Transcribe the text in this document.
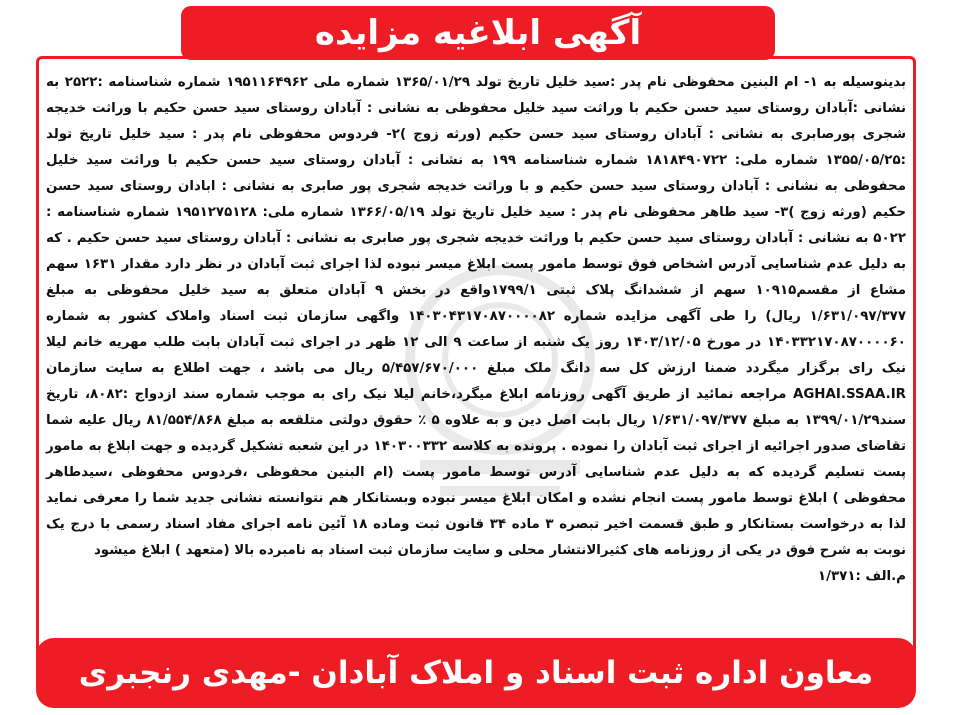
آگهی ابلاغیه مزایده

بدینوسیله به ۱- ام البنین محفوظی نام پدر :سید خلیل تاریخ تولد ۱۳۶۵/۰۱/۲۹ شماره ملی ۱۹۵۱۱۶۴۹۶۲ شماره شناسنامه :۲۵۲۲ به نشانی :آبادان روستای سید حسن حکیم با وراثت سید خلیل محفوظی به نشانی : آبادان روستای سید حسن حکیم با وراثت خدیجه شجری پورصابری به نشانی : آبادان روستای سید حسن حکیم (ورثه زوج )۲- فردوس محفوظی نام پدر : سید خلیل تاریخ تولد :۱۳۵۵/۰۵/۲۵ شماره ملی: ۱۸۱۸۴۹۰۷۲۲ شماره شناسنامه ۱۹۹ به نشانی : آبادان روستای سید حسن حکیم با وراثت سید خلیل محفوظی به نشانی : آبادان روستای سید حسن حکیم و با وراثت خدیجه شجری پور صابری به نشانی : ابادان روستای سید حسن حکیم (ورثه زوج )۳- سید طاهر محفوظی نام پدر : سید خلیل تاریخ تولد ۱۳۶۶/۰۵/۱۹ شماره ملی: ۱۹۵۱۲۷۵۱۲۸ شماره شناسنامه : ۵۰۲۲ به نشانی : آبادان روستای سید حسن حکیم با وراثت خدیجه شجری پور صابری به نشانی : آبادان روستای سید حسن حکیم . که به دلیل عدم شناسایی آدرس اشخاص فوق توسط مامور پست ابلاغ میسر نبوده لذا اجرای ثبت آبادان در نظر دارد مقدار ۱۶۳۱ سهم مشاع از مقسم۱۰۹۱۵ سهم از ششدانگ پلاک ثبتی ۱۷۹۹/۱واقع در بخش ۹ آبادان متعلق به سید خلیل محفوظی به مبلغ ۱/۶۳۱/۰۹۷/۳۷۷ ریال) را طی آگهی مزایده شماره ۱۴۰۳۰۴۳۱۷۰۸۷۰۰۰۰۸۲ واگهی سازمان ثبت اسناد واملاک کشور به شماره ۱۴۰۳۳۲۱۷۰۸۷۰۰۰۰۶۰ در مورخ ۱۴۰۳/۱۲/۰۵ روز یک شنبه از ساعت ۹ الی ۱۲ ظهر در اجرای ثبت آبادان بابت طلب مهریه خانم لیلا نیک رای برگزار میگردد ضمنا ارزش کل سه دانگ ملک مبلغ ۵/۴۵۷/۶۷۰/۰۰۰ ریال می باشد ، جهت اطلاع به سایت سازمان AGHAI.SSAA.IR مراجعه نمائید از طریق آگهی روزنامه ابلاغ میگرد،خانم لیلا نیک رای به موجب شماره سند ازدواج :۸۰۸۲، تاریخ سند۱۳۹۹/۰۱/۲۹ به مبلغ ۱/۶۳۱/۰۹۷/۳۷۷ ریال بابت اصل دین و به علاوه ۵ ٪ حقوق دولتی متلقعه به مبلغ ۸۱/۵۵۴/۸۶۸ ریال علیه شما تقاضای صدور اجرائیه از اجرای ثبت آبادان را نموده . پرونده به کلاسه ۱۴۰۳۰۰۳۳۲ در این شعبه تشکیل گردیده و جهت ابلاغ به مامور پست تسلیم گردیده که به دلیل عدم شناسایی آدرس توسط مامور پست (ام البنین محفوظی ،فردوس محفوظی ،سیدطاهر محفوظی ) ابلاغ توسط مامور پست انجام نشده و امکان ابلاغ میسر نبوده وبستانکار هم نتوانسته نشانی جدید شما را معرفی نماید لذا به درخواست بستانکار و طبق قسمت اخیر تبصره ۳ ماده ۳۴ قانون ثبت وماده ۱۸ آئین نامه اجرای مفاد اسناد رسمی با درج یک نوبت به شرح فوق در یکی از روزنامه های کثیرالانتشار محلی و سایت سازمان ثبت اسناد به نامبرده بالا (متعهد ) ابلاغ میشود
م.الف :۱/۳۷۱

معاون اداره ثبت اسناد و املاک آبادان -مهدی رنجبری
